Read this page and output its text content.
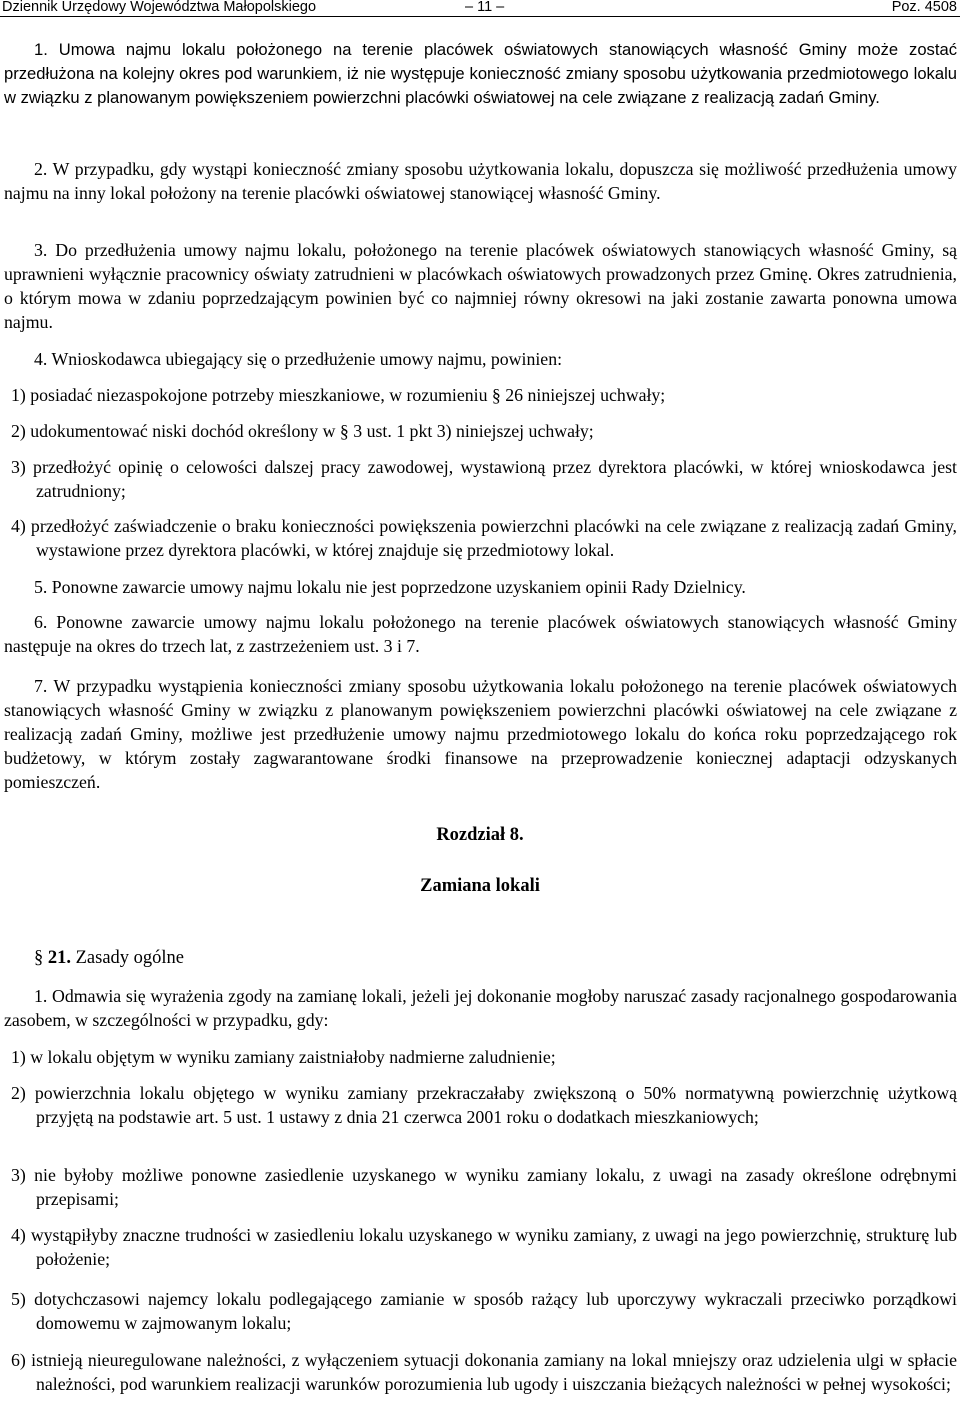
Dziennik Urzędowy Województwa Małopolskiego	– 11 –	Poz. 4508

1. Umowa najmu lokalu położonego na terenie placówek oświatowych stanowiących własność Gminy może zostać przedłużona na kolejny okres pod warunkiem, iż nie występuje konieczność zmiany sposobu użytkowania przedmiotowego lokalu w związku z planowanym powiększeniem powierzchni placówki oświatowej na cele związane z realizacją zadań Gminy.

2. W przypadku, gdy wystąpi konieczność zmiany sposobu użytkowania lokalu, dopuszcza się możliwość przedłużenia umowy najmu na inny lokal położony na terenie placówki oświatowej stanowiącej własność Gminy.

3. Do przedłużenia umowy najmu lokalu, położonego na terenie placówek oświatowych stanowiących własność Gminy, są uprawnieni wyłącznie pracownicy oświaty zatrudnieni w placówkach oświatowych prowadzonych przez Gminę. Okres zatrudnienia, o którym mowa w zdaniu poprzedzającym powinien być co najmniej równy okresowi na jaki zostanie zawarta ponowna umowa najmu.

4. Wnioskodawca ubiegający się o przedłużenie umowy najmu, powinien:

1) posiadać niezaspokojone potrzeby mieszkaniowe, w rozumieniu § 26 niniejszej uchwały;

2) udokumentować niski dochód określony w § 3 ust. 1 pkt 3) niniejszej uchwały;

3) przedłożyć opinię o celowości dalszej pracy zawodowej, wystawioną przez dyrektora placówki, w której wnioskodawca jest zatrudniony;

4) przedłożyć zaświadczenie o braku konieczności powiększenia powierzchni placówki na cele związane z realizacją zadań Gminy, wystawione przez dyrektora placówki, w której znajduje się przedmiotowy lokal.

5. Ponowne zawarcie umowy najmu lokalu nie jest poprzedzone uzyskaniem opinii Rady Dzielnicy.

6. Ponowne zawarcie umowy najmu lokalu położonego na terenie placówek oświatowych stanowiących własność Gminy następuje na okres do trzech lat, z zastrzeżeniem ust. 3 i 7.

7. W przypadku wystąpienia konieczności zmiany sposobu użytkowania lokalu położonego na terenie placówek oświatowych stanowiących własność Gminy w związku z planowanym powiększeniem powierzchni placówki oświatowej na cele związane z realizacją zadań Gminy, możliwe jest przedłużenie umowy najmu przedmiotowego lokalu do końca roku poprzedzającego rok budżetowy, w którym zostały zagwarantowane środki finansowe na przeprowadzenie koniecznej adaptacji odzyskanych pomieszczeń.

Rozdział 8.

Zamiana lokali

§ 21. Zasady ogólne

1. Odmawia się wyrażenia zgody na zamianę lokali, jeżeli jej dokonanie mogłoby naruszać zasady racjonalnego gospodarowania zasobem, w szczególności w przypadku, gdy:

1) w lokalu objętym w wyniku zamiany zaistniałoby nadmierne zaludnienie;

2) powierzchnia lokalu objętego w wyniku zamiany przekraczałaby zwiększoną o 50% normatywną powierzchnię użytkową przyjętą na podstawie art. 5 ust. 1 ustawy z dnia 21 czerwca 2001 roku o dodatkach mieszkaniowych;

3) nie byłoby możliwe ponowne zasiedlenie uzyskanego w wyniku zamiany lokalu, z uwagi na zasady określone odrębnymi przepisami;

4) wystąpiłyby znaczne trudności w zasiedleniu lokalu uzyskanego w wyniku zamiany, z uwagi na jego powierzchnię, strukturę lub położenie;

5) dotychczasowi najemcy lokalu podlegającego zamianie w sposób rażący lub uporczywy wykraczali przeciwko porządkowi domowemu w zajmowanym lokalu;

6) istnieją nieuregulowane należności, z wyłączeniem sytuacji dokonania zamiany na lokal mniejszy oraz udzielenia ulgi w spłacie należności, pod warunkiem realizacji warunków porozumienia lub ugody i uiszczania bieżących należności w pełnej wysokości;
